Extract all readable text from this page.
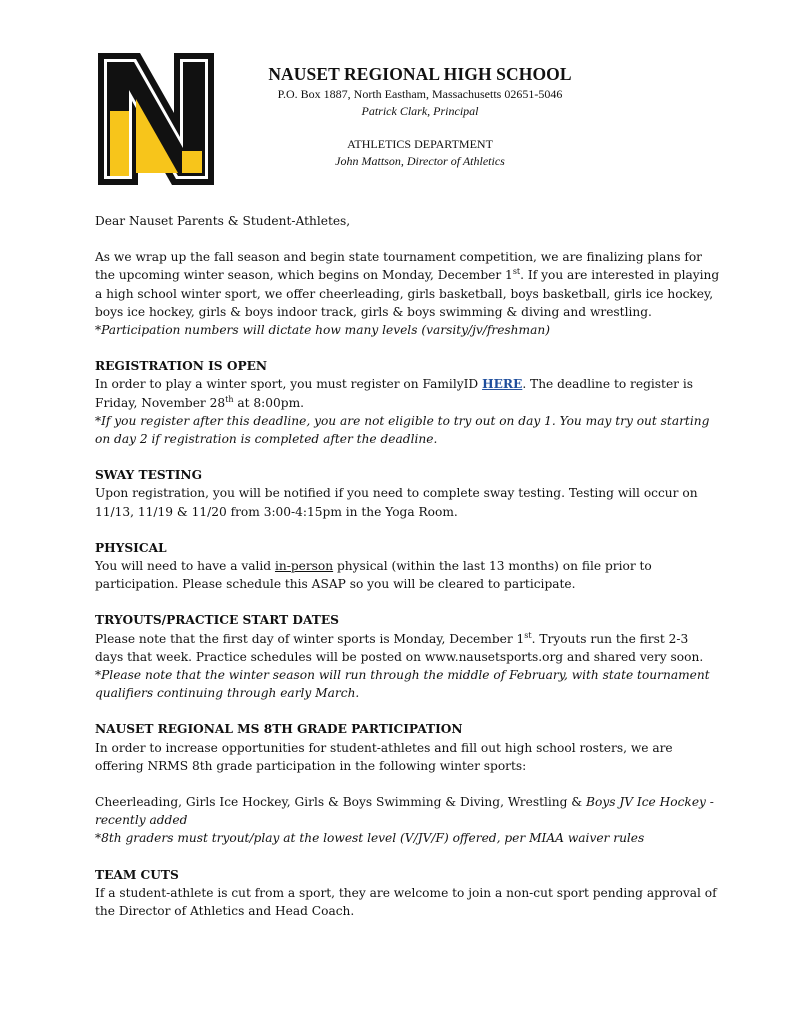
NAUSET REGIONAL HIGH SCHOOL
P.O. Box 1887, North Eastham, Massachusetts 02651-5046
Patrick Clark, Principal
ATHLETICS DEPARTMENT
John Mattson, Director of Athletics

Dear Nauset Parents & Student-Athletes,

As we wrap up the fall season and begin state tournament competition, we are finalizing plans for the upcoming winter season, which begins on Monday, December 1st. If you are interested in playing a high school winter sport, we offer cheerleading, girls basketball, boys basketball, girls ice hockey, boys ice hockey, girls & boys indoor track, girls & boys swimming & diving and wrestling.

*Participation numbers will dictate how many levels (varsity/jv/freshman)

REGISTRATION IS OPEN

In order to play a winter sport, you must register on FamilyID HERE. The deadline to register is Friday, November 28th at 8:00pm.

*If you register after this deadline, you are not eligible to try out on day 1. You may try out starting on day 2 if registration is completed after the deadline.

SWAY TESTING

Upon registration, you will be notified if you need to complete sway testing. Testing will occur on 11/13, 11/19 & 11/20 from 3:00-4:15pm in the Yoga Room.

PHYSICAL

You will need to have a valid in-person physical (within the last 13 months) on file prior to participation. Please schedule this ASAP so you will be cleared to participate.

TRYOUTS/PRACTICE START DATES

Please note that the first day of winter sports is Monday, December 1st. Tryouts run the first 2-3 days that week. Practice schedules will be posted on www.nausetsports.org and shared very soon.

*Please note that the winter season will run through the middle of February, with state tournament qualifiers continuing through early March.

NAUSET REGIONAL MS 8TH GRADE PARTICIPATION

In order to increase opportunities for student-athletes and fill out high school rosters, we are offering NRMS 8th grade participation in the following winter sports:

Cheerleading, Girls Ice Hockey, Girls & Boys Swimming & Diving, Wrestling & Boys JV Ice Hockey - recently added

*8th graders must tryout/play at the lowest level (V/JV/F) offered, per MIAA waiver rules

TEAM CUTS

If a student-athlete is cut from a sport, they are welcome to join a non-cut sport pending approval of the Director of Athletics and Head Coach.
